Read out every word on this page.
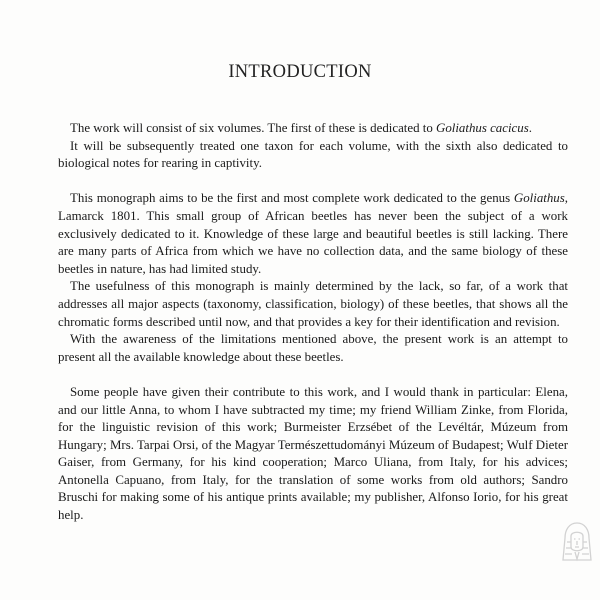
INTRODUCTION

The work will consist of six volumes. The first of these is dedicated to Goliathus cacicus.

It will be subsequently treated one taxon for each volume, with the sixth also dedicated to biological notes for rearing in captivity.

This monograph aims to be the first and most complete work dedicated to the genus Goliathus, Lamarck 1801. This small group of African beetles has never been the subject of a work exclusively dedicated to it. Knowledge of these large and beautiful beetles is still lacking. There are many parts of Africa from which we have no collection data, and the same biology of these beetles in nature, has had limited study.

The usefulness of this monograph is mainly determined by the lack, so far, of a work that addresses all major aspects (taxonomy, classification, biology) of these beetles, that shows all the chromatic forms described until now, and that provides a key for their identification and revision.

With the awareness of the limitations mentioned above, the present work is an attempt to present all the available knowledge about these beetles.

Some people have given their contribute to this work, and I would thank in particular: Elena, and our little Anna, to whom I have subtracted my time; my friend William Zinke, from Florida, for the linguistic revision of this work; Burmeister Erzsébet of the Levéltár, Múzeum from Hungary; Mrs. Tarpai Orsi, of the Magyar Természettudományi Múzeum of Budapest; Wulf Dieter Gaiser, from Germany, for his kind cooperation; Marco Uliana, from Italy, for his advices; Antonella Capuano, from Italy, for the translation of some works from old authors; Sandro Bruschi for making some of his antique prints available; my publisher, Alfonso Iorio, for his great help.
